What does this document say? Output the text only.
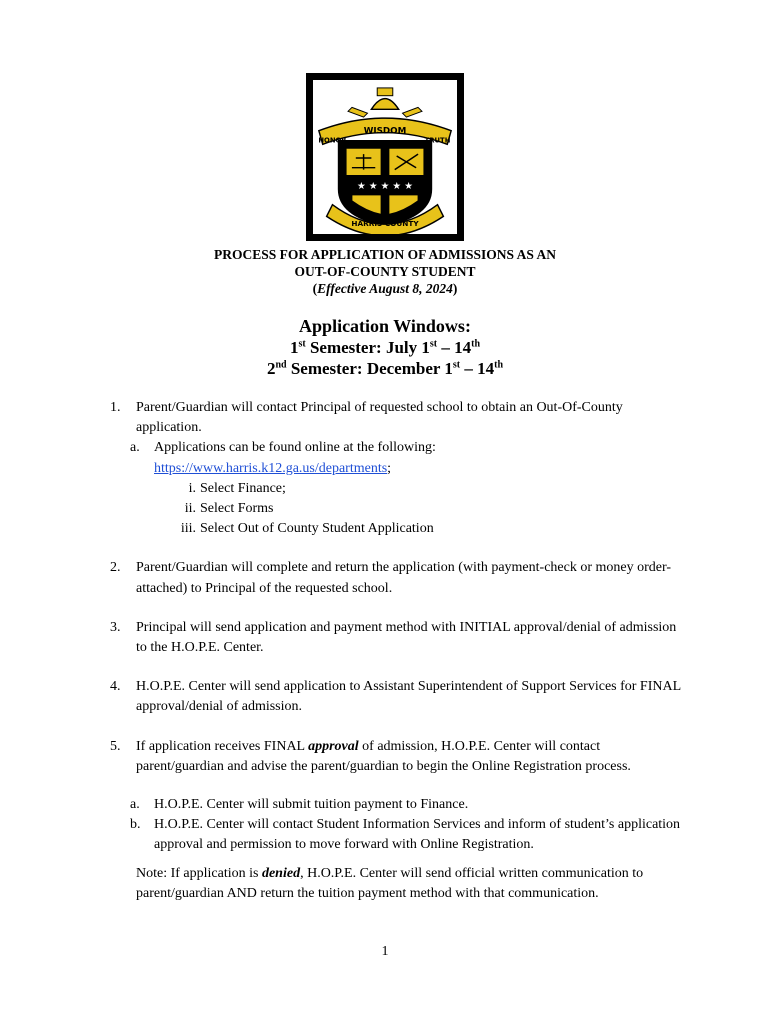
★ ★ ★ ★ ★
WISDOM
HONOR	TRUTH
HARRIS COUNTY
PROCESS FOR APPLICATION OF ADMISSIONS AS AN
OUT-OF-COUNTY STUDENT
(Effective August 8, 2024)
Application Windows:
1st Semester: July 1st – 14th
2nd Semester: December 1st – 14th
1. Parent/Guardian will contact Principal of requested school to obtain an Out-Of-County application.
a. Applications can be found online at the following:
https://www.harris.k12.ga.us/departments;
i. Select Finance;
ii. Select Forms
iii. Select Out of County Student Application
2. Parent/Guardian will complete and return the application (with payment-check or money order- attached) to Principal of the requested school.
3. Principal will send application and payment method with INITIAL approval/denial of admission to the H.O.P.E. Center.
4. H.O.P.E. Center will send application to Assistant Superintendent of Support Services for FINAL approval/denial of admission.
5. If application receives FINAL approval of admission, H.O.P.E. Center will contact parent/guardian and advise the parent/guardian to begin the Online Registration process.
a. H.O.P.E. Center will submit tuition payment to Finance.
b. H.O.P.E. Center will contact Student Information Services and inform of student’s application approval and permission to move forward with Online Registration.
Note: If application is denied, H.O.P.E. Center will send official written communication to parent/guardian AND return the tuition payment method with that communication.
1
